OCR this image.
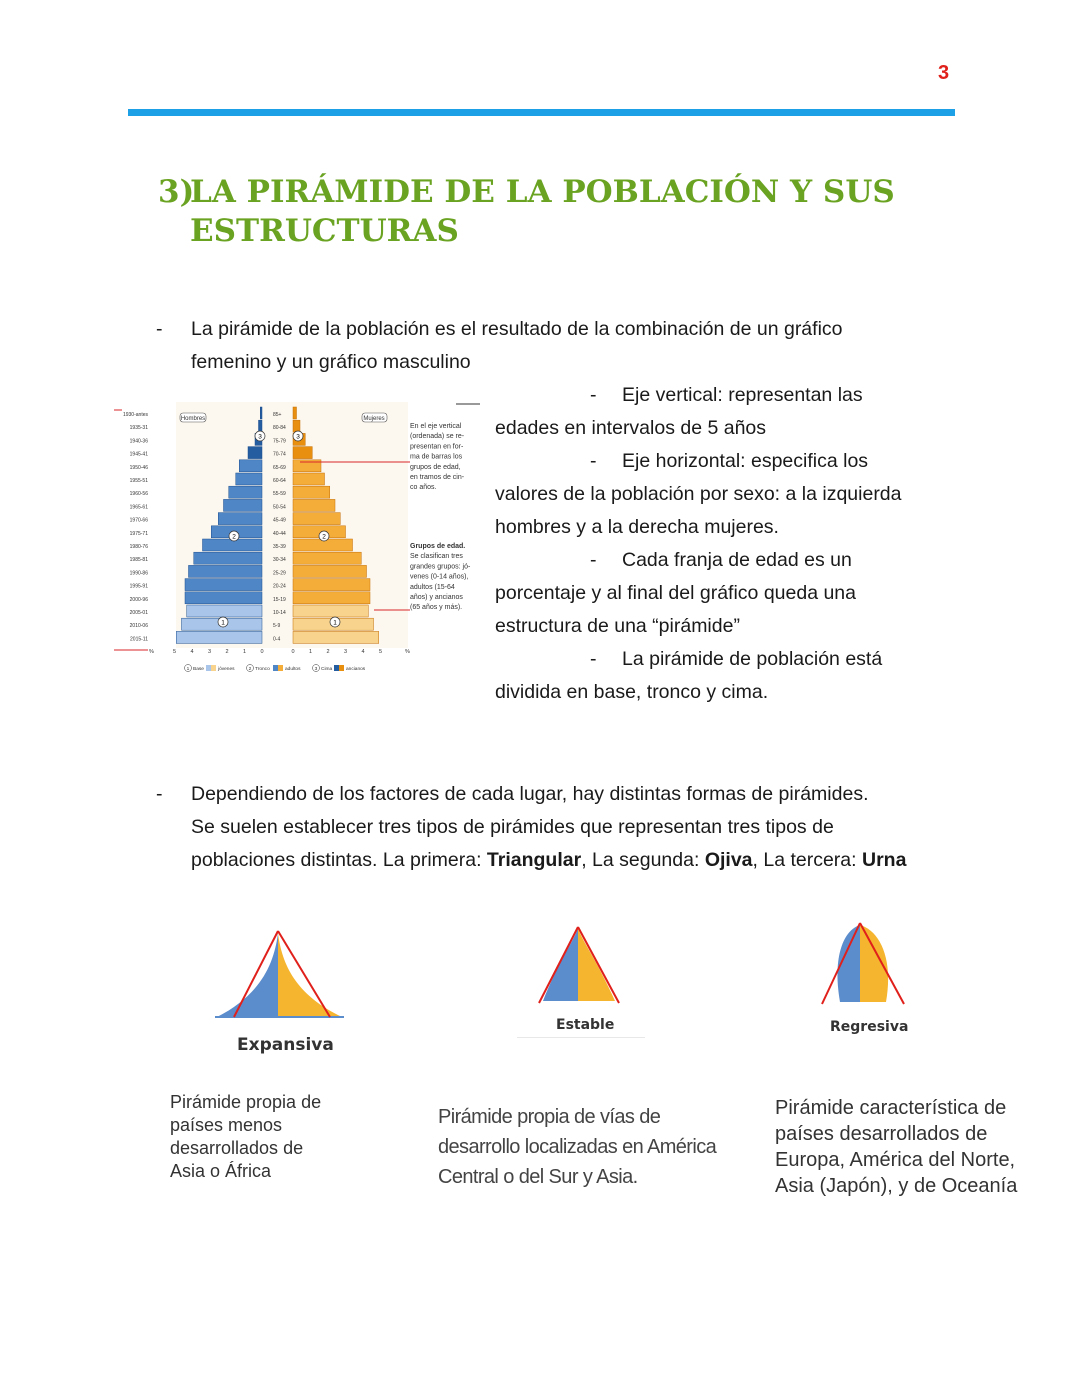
3
3)
LA PIRÁMIDE DE LA POBLACIÓN Y SUS
ESTRUCTURAS
- La pirámide de la población es el resultado de la combinación de un gráfico
femenino y un gráfico masculino
1930-antes
1935-31
1940-36
1945-41
1950-46
1955-51
1960-56
1965-61
1970-66
1975-71
1980-76
1985-81
1990-86
1995-91
2000-96
2005-01
2010-06
2015-11
85+
80-84
75-79
70-74
65-69
60-64
55-59
50-54
45-49
40-44
35-39
30-34
25-29
20-24
15-19
10-14
5-9
0-4
Hombres	Mujeres
3	3
2	2
1	1
%	%
5	4	3	2	1	0	0	1	2	3	4	5
1 Base	jóvenes	2 Tronco	adultos	3 Cima	ancianos
En el eje vertical
(ordenada) se re-
presentan en for-
ma de barras los
grupos de edad,
en tramos de cin-
co años.
Grupos de edad.
Se clasifican tres
grandes grupos: jó-
venes (0-14 años),
adultos (15-64
años) y ancianos
(65 años y más).
- Eje vertical: representan las
edades en intervalos de 5 años
- Eje horizontal: especifica los
valores de la población por sexo: a la izquierda
hombres y a la derecha mujeres.
- Cada franja de edad es un
porcentaje y al final del gráfico queda una
estructura de una “pirámide”
- La pirámide de población está
dividida en base, tronco y cima.
- Dependiendo de los factores de cada lugar, hay distintas formas de pirámides.
Se suelen establecer tres tipos de pirámides que representan tres tipos de
poblaciones distintas. La primera: Triangular, La segunda: Ojiva, La tercera: Urna
Expansiva
Estable	Regresiva
Pirámide propia de
países menos
desarrollados de
Asia o África
Pirámide propia de vías de
desarrollo localizadas en América
Central o del Sur y Asia.
Pirámide característica de
países desarrollados de
Europa, América del Norte,
Asia (Japón), y de Oceanía
